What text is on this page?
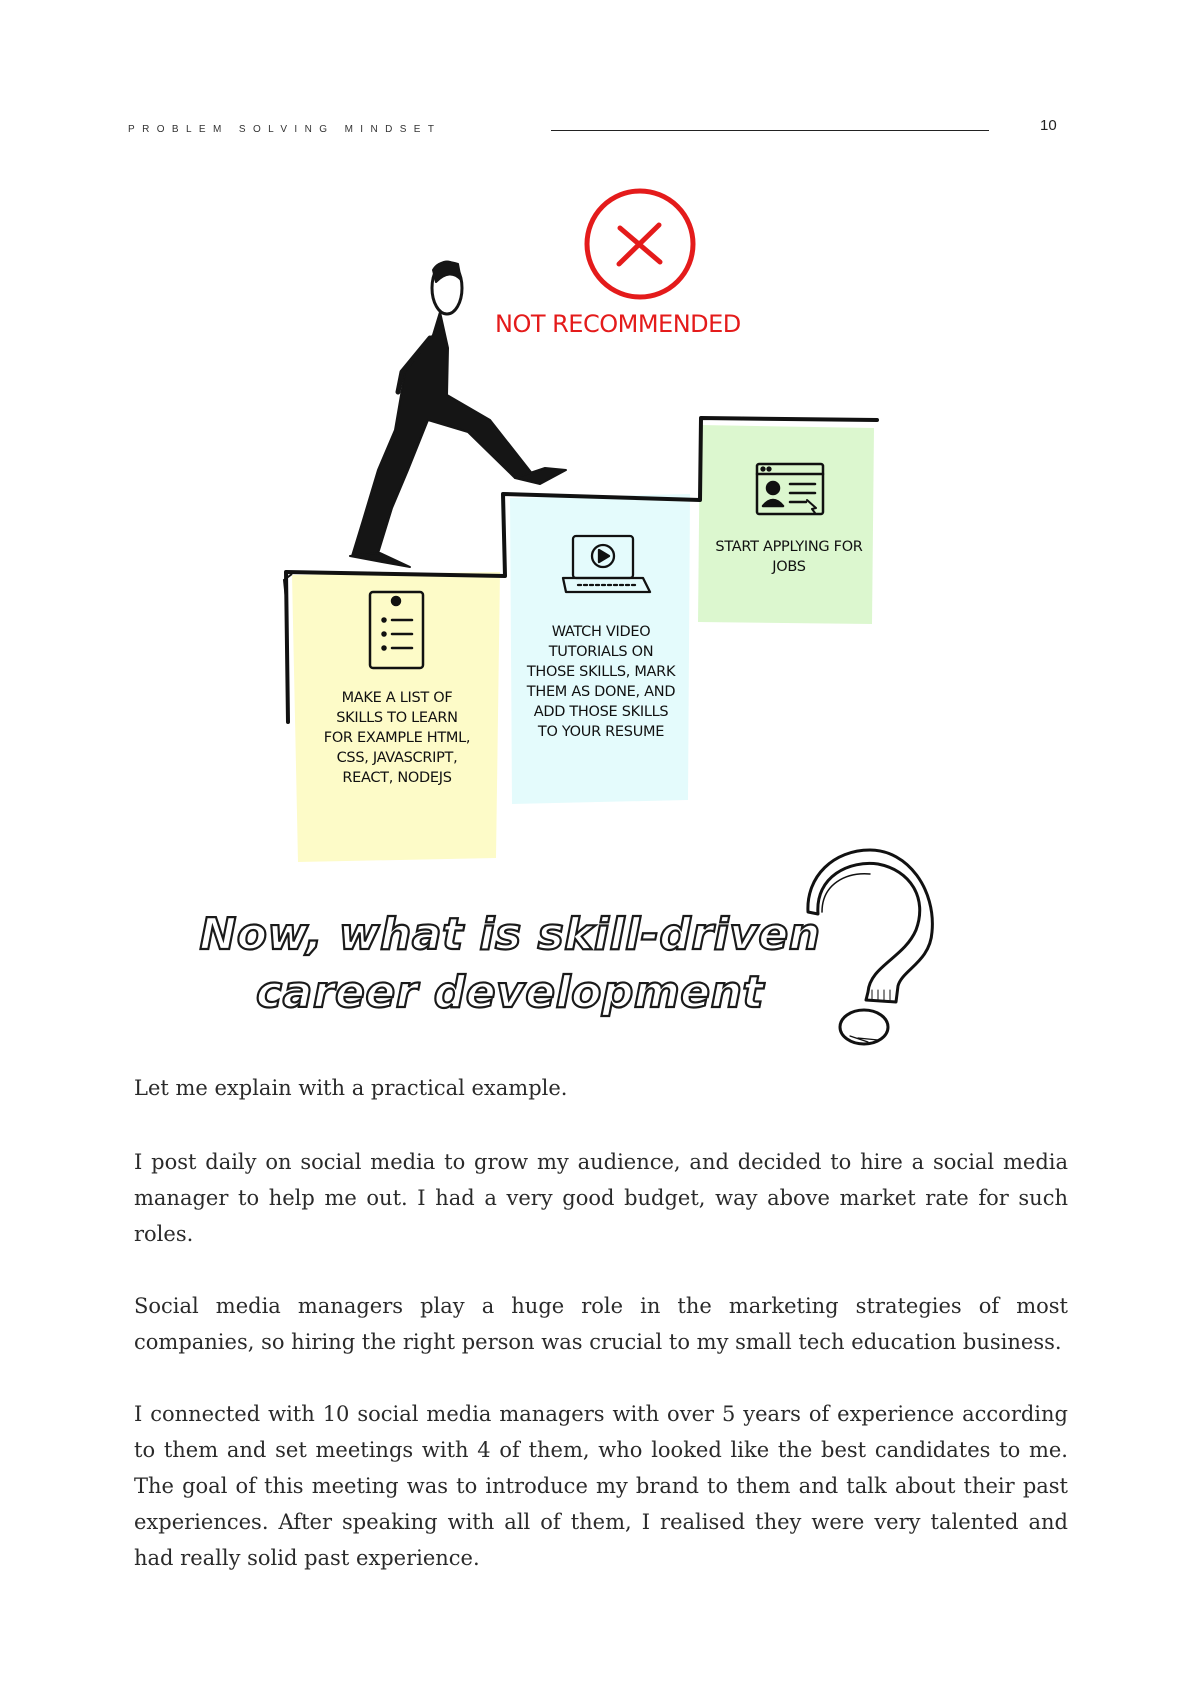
PROBLEM SOLVING MINDSET	10
NOT RECOMMENDED
MAKE A LIST OF SKILLS TO LEARN FOR EXAMPLE HTML, CSS, JAVASCRIPT, REACT, NODEJS
WATCH VIDEO TUTORIALS ON THOSE SKILLS, MARK THEM AS DONE, AND ADD THOSE SKILLS TO YOUR RESUME
START APPLYING FOR JOBS
Now, what is skill-driven
career development

Let me explain with a practical example.

I post daily on social media to grow my audience, and decided to hire a social media manager to help me out. I had a very good budget, way above market rate for such roles.

Social media managers play a huge role in the marketing strategies of most companies, so hiring the right person was crucial to my small tech education business.

I connected with 10 social media managers with over 5 years of experience according to them and set meetings with 4 of them, who looked like the best candidates to me. The goal of this meeting was to introduce my brand to them and talk about their past experiences. After speaking with all of them, I realised they were very talented and had really solid past experience.
